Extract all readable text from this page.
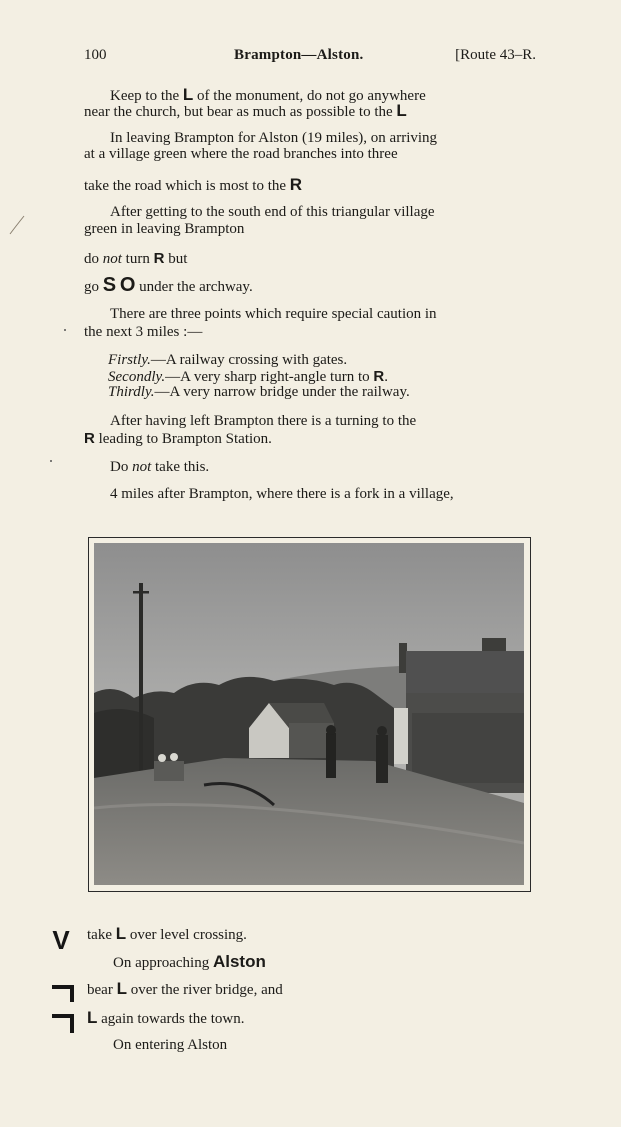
100	Brampton—Alston.	[Route 43–R.
Keep to the L of the monument, do not go anywhere
near the church, but bear as much as possible to the L
In leaving Brampton for Alston (19 miles), on arriving
at a village green where the road branches into three
take the road which is most to the R
After getting to the south end of this triangular village
green in leaving Brampton
do not turn R but
go S O under the archway.
There are three points which require special caution in
the next 3 miles :—
Firstly.—A railway crossing with gates.
Secondly.—A very sharp right-angle turn to R.
Thirdly.—A very narrow bridge under the railway.
After having left Brampton there is a turning to the
R leading to Brampton Station.
Do not take this.
4 miles after Brampton, where there is a fork in a village,
V take L over level crossing.
On approaching Alston
bear L over the river bridge, and
L again towards the town.
On entering Alston
